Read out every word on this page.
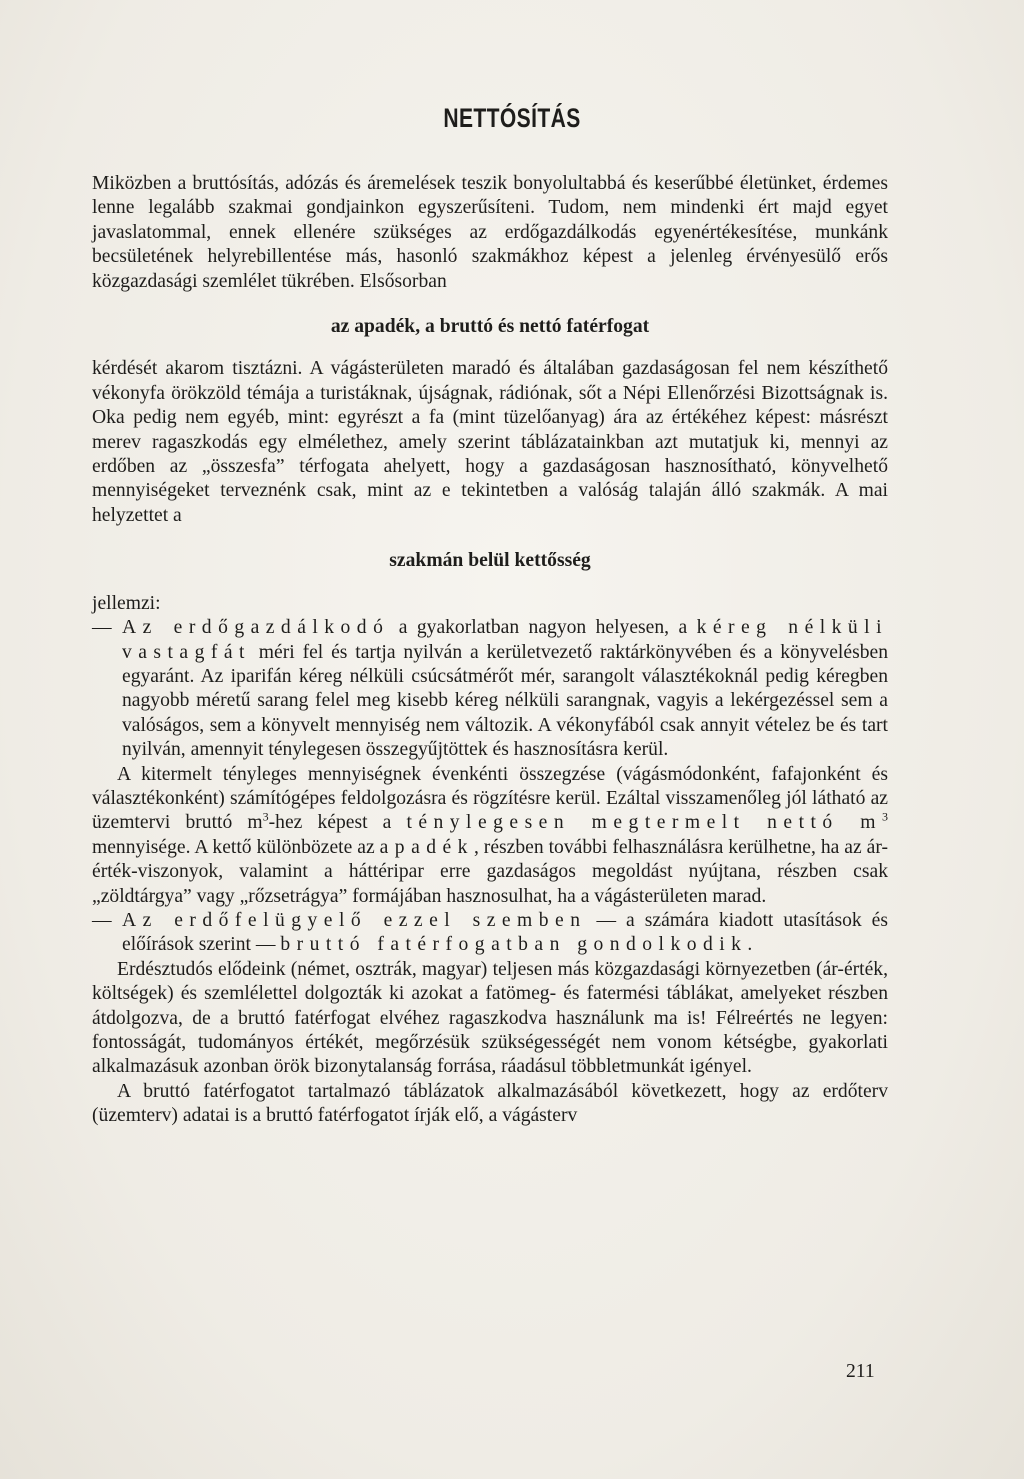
NETTÓSÍTÁS

Miközben a bruttósítás, adózás és áremelések teszik bonyolultabbá és keserűbbé életünket, érdemes lenne legalább szakmai gondjainkon egyszerűsíteni. Tudom, nem mindenki ért majd egyet javaslatommal, ennek ellenére szükséges az erdőgazdálkodás egyenértékesítése, munkánk becsületének helyrebillentése más, hasonló szakmákhoz képest a jelenleg érvényesülő erős közgazdasági szemlélet tükrében. Elsősorban

az apadék, a bruttó és nettó fatérfogat

kérdését akarom tisztázni. A vágásterületen maradó és általában gazdaságosan fel nem készíthető vékonyfa örökzöld témája a turistáknak, újságnak, rádiónak, sőt a Népi Ellenőrzési Bizottságnak is. Oka pedig nem egyéb, mint: egyrészt a fa (mint tüzelőanyag) ára az értékéhez képest: másrészt merev ragaszkodás egy elmélethez, amely szerint táblázatainkban azt mutatjuk ki, mennyi az erdőben az „összesfa” térfogata ahelyett, hogy a gazdaságosan hasznosítható, könyvelhető mennyiségeket terveznénk csak, mint az e tekintetben a valóság talaján álló szakmák. A mai helyzettet a

szakmán belül kettősség

jellemzi:

— Az erdőgazdálkodó a gyakorlatban nagyon helyesen, a kéreg nélküli vastagfát méri fel és tartja nyilván a kerületvezető raktárkönyvében és a könyvelésben egyaránt. Az iparifán kéreg nélküli csúcsátmérőt mér, sarangolt választékoknál pedig kéregben nagyobb méretű sarang felel meg kisebb kéreg nélküli sarangnak, vagyis a lekérgezéssel sem a valóságos, sem a könyvelt mennyiség nem változik. A vékonyfából csak annyit vételez be és tart nyilván, amennyit ténylegesen összegyűjtöttek és hasznosításra kerül.

A kitermelt tényleges mennyiségnek évenkénti összegzése (vágásmódonként, fafajonként és választékonként) számítógépes feldolgozásra és rögzítésre kerül. Ezáltal visszamenőleg jól látható az üzemtervi bruttó $m^3$-hez képest a ténylegesen megtermelt nettó $m^3$ mennyisége. A kettő különbözete az apadék, részben további felhasználásra kerülhetne, ha az ár-érték-viszonyok, valamint a háttéripar erre gazdaságos megoldást nyújtana, részben csak „zöldtárgya” vagy „rőzsetrágya” formájában hasznosulhat, ha a vágásterületen marad.

— Az erdőfelügyelő ezzel szemben — a számára kiadott utasítások és előírások szerint — bruttó fatérfogatban gondolkodik.

Erdésztudós elődeink (német, osztrák, magyar) teljesen más közgazdasági környezetben (ár-érték, költségek) és szemlélettel dolgozták ki azokat a fatömeg- és fatermési táblákat, amelyeket részben átdolgozva, de a bruttó fatérfogat elvéhez ragaszkodva használunk ma is! Félreértés ne legyen: fontosságát, tudományos értékét, megőrzésük szükségességét nem vonom kétségbe, gyakorlati alkalmazásuk azonban örök bizonytalanság forrása, ráadásul többletmunkát igényel.

A bruttó fatérfogatot tartalmazó táblázatok alkalmazásából következett, hogy az erdőterv (üzemterv) adatai is a bruttó fatérfogatot írják elő, a vágásterv

211
